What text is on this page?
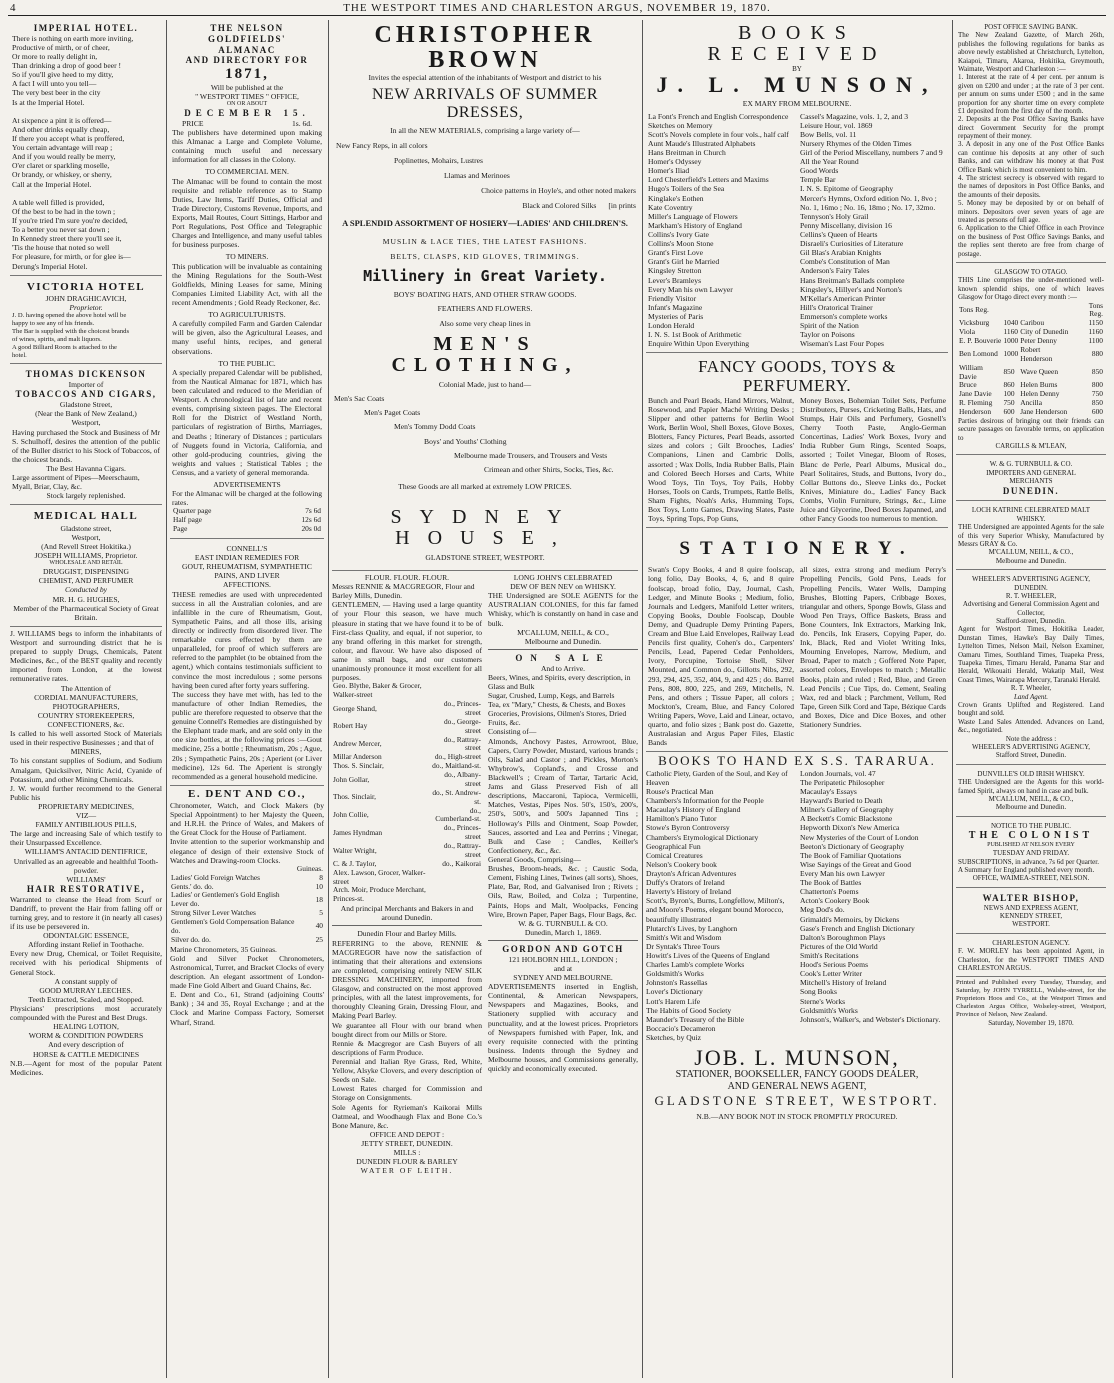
4	THE WESTPORT TIMES AND CHARLESTON ARGUS, NOVEMBER 19, 1870.
IMPERIAL HOTEL.
There is nothing on earth more inviting,
Productive of mirth, or of cheer,
Or more to really delight in,
Than drinking a drop of good beer !
So if you'll give heed to my ditty,
A fact I will unto you tell—
The very best beer in the city
Is at the Imperial Hotel.

At sixpence a pint it is offered—
And other drinks equally cheap,
If there you accept what is proffered,
You certain advantage will reap ;
And if you would really be merry,
O'er claret or sparkling moselle,
Or brandy, or whiskey, or sherry,
Call at the Imperial Hotel.

A table well filled is provided,
Of the best to be had in the town ;
If you're tried I'm sure you're decided,
To a better you never sat down ;
In Kennedy street there you'll see it,
'Tis the house that noted so well
For pleasure, for mirth, or for glee is—
Derung's Imperial Hotel.
VICTORIA HOTEL
JOHN DRAGHICAVICH,
Proprietor.
J. D. having opened the above hotel will be
happy to see any of his friends.
The Bar is supplied with the choicest brands
of wines, spirits, and malt liquors.
A good Billiard Room is attached to the
hotel.
THOMAS DICKENSON
Importer of
TOBACCOS AND CIGARS,
Gladstone Street,
(Near the Bank of New Zealand,)
Westport,
Having purchased the Stock and Business of Mr S. Schulhoff, desires the attention of the public of the Buller district to his Stock of Tobaccos, of the choicest brands.
The Best Havanna Cigars.
Large assortment of Pipes—Meerschaum, Myall, Briar, Clay, &c.
Stock largely replenished.
MEDICAL HALL
Gladstone street,
Westport,
(And Revell Street Hokitika.)
JOSEPH WILLIAMS, Proprietor.
WHOLESALE AND RETAIL
DRUGGIST, DISPENSING
CHEMIST, AND PERFUMER
Conducted by
MR. H. G. HUGHES,
Member of the Pharmaceutical Society of Great Britain.
J. WILLIAMS begs to inform the inhabitants of Westport and surrounding district that he is prepared to supply Drugs, Chemicals, Patent Medicines, &c., of the BEST quality and recently imported from London, at the lowest remunerative rates.
The Attention of
CORDIAL MANUFACTURERS,
PHOTOGRAPHERS,
COUNTRY STOREKEEPERS,
CONFECTIONERS, &c.
Is called to his well assorted Stock of Materials used in their respective Businesses ; and that of
MINERS,
To his constant supplies of Sodium, and Sodium Amalgam, Quicksilver, Nitric Acid, Cyanide of Potassium, and other Mining Chemicals.
J. W. would further recommend to the General Public his
PROPRIETARY MEDICINES,
VIZ—
FAMILY ANTIBILIOUS PILLS,
The large and increasing Sale of which testify to their Unsurpassed Excellence.
WILLIAM'S ANTACID DENTIFRICE,
Unrivalled as an agreeable and healthful Tooth-powder.
WILLIAMS'
HAIR RESTORATIVE,
Warranted to cleanse the Head from Scurf or Dandriff, to prevent the Hair from falling off or turning grey, and to restore it (in nearly all cases) if its use be persevered in.
ODONTALGIC ESSENCE,
Affording instant Relief in Toothache.
Every new Drug, Chemical, or Toilet Requisite, received with his periodical Shipments of General Stock.
A constant supply of
GOOD MURRAY LEECHES.
Teeth Extracted, Scaled, and Stopped.
Physicians' prescriptions most accurately compounded with the Purest and Best Drugs.
HEALING LOTION,
WORM & CONDITION POWDERS
And every description of
HORSE & CATTLE MEDICINES
N.B.—Agent for most of the popular Patent Medicines.
THE NELSON GOLDFIELDS'
ALMANAC
AND DIRECTORY FOR
1871,
Will be published at the
" WESTPORT TIMES " OFFICE,
ON OR ABOUT
DECEMBER 15.
PRICE	1s. 6d.
The publishers have determined upon making this Almanac a Large and Complete Volume, containing much useful and necessary information for all classes in the Colony.
TO COMMERCIAL MEN.
The Almanac will be found to contain the most requisite and reliable reference as to Stamp Duties, Law Items, Tariff Duties, Official and Trade Directory, Customs Revenue, Imports, and Exports, Mail Routes, Court Sittings, Harbor and Port Regulations, Post Office and Telegraphic Charges and Intelligence, and many useful tables for business purposes.
TO MINERS.
This publication will be invaluable as containing the Mining Regulations for the South-West Goldfields, Mining Leases for same, Mining Companies Limited Liability Act, with all the recent Amendments ; Gold Ready Reckoner, &c.
TO AGRICULTURISTS.
A carefully compiled Farm and Garden Calendar will be given, also the Agricultural Leases, and many useful hints, recipes, and general observations.
TO THE PUBLIC.
A specially prepared Calendar will be published, from the Nautical Almanac for 1871, which has been calculated and reduced to the Meridian of Westport. A chronological list of late and recent events, comprising sixteen pages. The Electoral Roll for the District of Westland North, particulars of registration of Births, Marriages, and Deaths ; Itinerary of Distances ; particulars of Nuggets found in Victoria, California, and other gold-producing countries, giving the weights and values ; Statistical Tables ; the Census, and a variety of general memoranda.
ADVERTISEMENTS
For the Almanac will be charged at the following rates.
Quarter page	7s 6d
Half page	12s 6d
Page	20s 0d
CONNELL'S
EAST INDIAN REMEDIES FOR
GOUT, RHEUMATISM, SYMPATHETIC PAINS, AND LIVER
AFFECTIONS.
THESE remedies are used with unprecedented success in all the Australian colonies, and are infallible in the cure of Rheumatism, Gout, Sympathetic Pains, and all those ills, arising directly or indirectly from disordered liver. The remarkable cures effected by them are unparalleled, for proof of which sufferers are referred to the pamphlet (to be obtained from the agent,) which contains testimonials sufficient to convince the most incredulous ; some persons having been cured after forty years suffering.
The success they have met with, has led to the manufacture of other Indian Remedies, the public are therefore requested to observe that the genuine Connell's Remedies are distinguished by the Elephant trade mark, and are sold only in the one size bottles, at the following prices :—Gout medicine, 25s a bottle ; Rheumatism, 20s ; Ague, 20s ; Sympathetic Pains, 20s ; Aperient (or Liver medicine), 12s 6d. The Aperient is strongly recommended as a general household medicine.
E. DENT AND CO.,
Chronometer, Watch, and Clock Makers (by Special Appointment) to her Majesty the Queen, and H.R.H. the Prince of Wales, and Makers of the Great Clock for the House of Parliament.
Invite attention to the superior workmanship and elegance of design of their extensive Stock of Watches and Drawing-room Clocks.
	Guineas.
Ladies' Gold Foreign Watches	8
Gents.' do. do.	10
Ladies' or Gentlemen's Gold English Lever do.	18
Strong Silver Lever Watches	5
Gentlemen's Gold Compensation Balance do.	40
Silver do. do.	25
Marine Chronometers, 35 Guineas.
Gold and Silver Pocket Chronometers, Astronomical, Turret, and Bracket Clocks of every description. An elegant assortment of London-made Fine Gold Albert and Guard Chains, &c.
E. Dent and Co., 61, Strand (adjoining Coutts' Bank) ; 34 and 35, Royal Exchange ; and at the Clock and Marine Compass Factory, Somerset Wharf, Strand.
CHRISTOPHER BROWN
Invites the especial attention of the inhabitants of Westport and district to his
NEW ARRIVALS OF SUMMER DRESSES,
In all the NEW MATERIALS, comprising a large variety of—
New Fancy Reps, in all colors
Poplinettes, Mohairs, Lustres
Llamas and Merinoes
Choice patterns in Hoyle's, and other noted makers
Black and Colored Silks [in prints
A SPLENDID ASSORTMENT OF HOSIERY—LADIES' AND CHILDREN'S.
MUSLIN & LACE TIES, THE LATEST FASHIONS.
BELTS, CLASPS, KID GLOVES, TRIMMINGS.
Millinery in Great Variety.
BOYS' BOATING HATS, AND OTHER STRAW GOODS.
FEATHERS AND FLOWERS.
Also some very cheap lines in
MEN'S CLOTHING,
Colonial Made, just to hand—
Men's Sac Coats
Men's Paget Coats
Men's Tommy Dodd Coats
Boys' and Youths' Clothing
Melbourne made Trousers, and Trousers and Vests
Crimean and other Shirts, Socks, Ties, &c.
These Goods are all marked at extremely LOW PRICES.
SYDNEY HOUSE,
GLADSTONE STREET, WESTPORT.
FLOUR. FLOUR. FLOUR.
Messrs RENNIE & MACGREGOR, Flour and Barley Mills, Dunedin.
GENTLEMEN, — Having used a large quantity of your Flour this season, we have much pleasure in stating that we have found it to be of First-class Quality, and equal, if not superior, to any brand offering in this market for strength, colour, and flavour. We have also disposed of same in small bags, and our customers unanimously pronounce it most excellent for all purposes.
Geo. Blythe, Baker & Grocer, Walker-street	
George Shand,	do., Princes-street
Robert Hay	do., George-street
Andrew Mercer,	do., Rattray-street
Millar Anderson	do., High-street
Thos. S. Sinclair,	do., Maitland-st.
John Gollar,	do., Albany-street
Thos. Sinclair,	do., St. Andrew-st.
John Collie,	do., Cumberland-st.
James Hyndman	do., Princes-street
Walter Wright,	do., Rattray-street
C. & J. Taylor,	do., Kaikorai
Alex. Lawson, Grocer, Walker-street	
Arch. Moir, Produce Merchant, Princes-st.	
And principal Merchants and Bakers in and around Dunedin.
Dunedin Flour and Barley Mills.
REFERRING to the above, RENNIE & MACGREGOR have now the satisfaction of intimating that their alterations and extensions are completed, comprising entirely NEW SILK DRESSING MACHINERY, imported from Glasgow, and constructed on the most approved principles, with all the latest improvements, for thoroughly Cleaning Grain, Dressing Flour, and Making Pearl Barley.
We guarantee all Flour with our brand when bought direct from our Mills or Store.
Rennie & Macgregor are Cash Buyers of all descriptions of Farm Produce.
Perennial and Italian Rye Grass, Red, White, Yellow, Alsyke Clovers, and every description of Seeds on Sale.
Lowest Rates charged for Commission and Storage on Consignments.
Sole Agents for Ryrieman's Kaikorai Mills Oatmeal, and Woodhaugh Flax and Bone Co.'s Bone Manure, &c.
OFFICE AND DEPOT :
JETTY STREET, DUNEDIN.
MILLS :
DUNEDIN FLOUR & BARLEY
WATER OF LEITH.
LONG JOHN'S CELEBRATED
DEW OF BEN NEV on WHISKY.
THE Undersigned are SOLE AGENTS for the AUSTRALIAN COLONIES, for this far famed Whisky, whic'h is constantly on hand in case and bulk.
M'CALLUM, NEILL, & CO.,
Melbourne and Dunedin.
ON SALE
And to Arrive.
Beers, Wines, and Spirits, every description, in Glass and Bulk
Sugar, Crushed, Lump, Kegs, and Barrels
Tea, ex "Mary," Chests, & Chests, and Boxes
Groceries, Provisions, Oilmen's Stores, Dried Fruits, &c.
Consisting of—
Almonds, Anchovy Pastes, Arrowroot, Blue, Capers, Curry Powder, Mustard, various brands ; Oils, Salad and Castor ; and Pickles, Morton's Whybrow's, Copland's, and Crosse and Blackwell's ; Cream of Tartar, Tartaric Acid, Jams and Glass Preserved Fish of all descriptions, Maccaroni, Tapioca, Vermicelli, Matches, Vestas, Pipes Nos. 50's, 150's, 200's, 250's, 500's, and 500's Japanned Tins ; Holloway's Pills and Ointment, Soap Powder, Sauces, assorted and Lea and Perrins ; Vinegar, Bulk and Case ; Candles, Keiller's Confectionery, &c., &c.
General Goods, Comprising—
Brushes, Broom-heads, &c. ; Caustic Soda, Cement, Fishing Lines, Twines (all sorts), Shoes, Plate, Bar, Rod, and Galvanised Iron ; Rivets ; Oils, Raw, Boiled, and Colza ; Turpentine, Paints, Hops and Malt, Woolpacks, Fencing Wire, Brown Paper, Paper Bags, Flour Bags, &c.
W. & G. TURNBULL & CO.
Dunedin, March 1, 1869.
GORDON AND GOTCH
121 HOLBORN HILL, LONDON ;
and at
SYDNEY AND MELBOURNE.
ADVERTISEMENTS inserted in English, Continental, & American Newspapers, Newspapers and Magazines, Books, and Stationery supplied with accuracy and punctuality, and at the lowest prices. Proprietors of Newspapers furnished with Paper, Ink, and every requisite connected with the printing business. Indents through the Sydney and Melbourne houses, and Commissions generally, quickly and economically executed.
BOOKS RECEIVED
BY
J. L. MUNSON,
EX MARY FROM MELBOURNE.
La Font's French and English Correspondence
Sketches on Memory
Scott's Novels complete in four vols., half calf
Aunt Maude's Illustrated Alphabets
Hans Breitman in Church
Homer's Odyssey
Homer's Iliad
Lord Chesterfield's Letters and Maxims
Hugo's Toilers of the Sea
Kinglake's Eothen
Kate Coventry
Miller's Language of Flowers
Markham's History of England
Collins's Ivory Gate
Collins's Moon Stone
Grant's First Love
Grant's Girl he Married
Kingsley Stretton
Lever's Bramleys
Every Man his own Lawyer
Friendly Visitor
Infant's Magazine
Mysteries of Paris
London Herald
I. N. S. 1st Book of Arithmetic
Enquire Within Upon Everything
Cassel's Magazine, vols. 1, 2, and 3
Leisure Hour, vol. 1869
Bow Bells, vol. 11
Nursery Rhymes of the Olden Times
Girl of the Period Miscellany, numbers 7 and 9
All the Year Round
Good Words
Temple Bar
I. N. S. Epitome of Geography
Mercer's Hymns, Oxford edition No. 1, 8vo ; No. 1, 16mo ; No. 16, 18mo ; No. 17, 32mo.
Tennyson's Holy Grail
Penny Miscellany, division 16
Cellins's Queen of Hearts
Disraeli's Curiosities of Literature
Gil Blas's Arabian Knights
Combe's Constitution of Man
Anderson's Fairy Tales
Hans Breitman's Ballads complete
Kingsley's, Hillyer's and Norton's
M'Kellar's American Printer
Hill's Oratorical Trainer
Emmerson's complete works
Spirit of the Nation
Taylor on Poisons
Wiseman's Last Four Popes
FANCY GOODS, TOYS & PERFUMERY.
Bunch and Pearl Beads, Hand Mirrors, Walnut, Rosewood, and Papier Maché Writing Desks ; Slipper and other patterns for Berlin Wool Work, Berlin Wool, Shell Boxes, Glove Boxes, Blotters, Fancy Pictures, Pearl Beads, assorted sizes and colors ; Gilt Brooches, Ladies' Companions, Linen and Cambric Dolls, assorted ; Wax Dolls, India Rubber Balls, Plain and Colored Beech Horses and Carts, White Wood Toys, Tin Toys, Toy Pails, Hobby Horses, Tools on Cards, Trumpets, Rattle Bells, Sham Fights, Noah's Arks, Humming Tops, Box Toys, Lotto Games, Drawing Slates, Paste Toys, Spring Tops, Pop Guns,
Money Boxes, Bohemian Toilet Sets, Perfume Distributers, Purses, Cricketing Balls, Hats, and Stumps, Hair Oils and Perfumery, Gosnell's Cherry Tooth Paste, Anglo-German Concertinas, Ladies' Work Boxes, Ivory and India Rubber Gum Rings, Scented Soaps, assorted ; Toilet Vinegar, Bloom of Roses, Blanc de Perle, Pearl Albums, Musical do., Pearl Solitaires, Studs, and Buttons, Ivory do., Collar Buttons do., Sleeve Links do., Pocket Knives, Miniature do., Ladies' Fancy Back Combs, Violin Furniture, Strings, &c., Lime Juice and Glycerine, Deed Boxes Japanned, and other Fancy Goods too numerous to mention.
STATIONERY.
Swan's Copy Books, 4 and 8 quire foolscap, long folio, Day Books, 4, 6, and 8 quire foolscap, broad folio, Day, Journal, Cash, Ledger, and Minute Books ; Medium, folio, Journals and Ledgers, Manifold Letter writers, Copying Books, Double Foolscap, Double Demy, and Quadruple Demy Printing Papers, Cream and Blue Laid Envelopes, Railway Lead Pencils first quality, Cohen's do., Carpenters' Pencils, Lead, Papered Cedar Penholders, Ivory, Porcupine, Tortoise Shell, Silver Mounted, and Common do., Gillotts Nibs, 292, 293, 294, 425, 352, 404, 9, and 425 ; do. Barrel Pens, 808, 800, 225, and 269, Mitchells, N. Pens, and others ; Tissue Paper, all colors ; Mockton's, Cream, Blue, and Fancy Colored Writing Papers, Wove, Laid and Linear, octavo, quarto, and folio sizes ; Bank post do. Gazette, Australasian and Argus Paper Files, Elastic Bands
all sizes, extra strong and medium Perry's Propelling Pencils, Gold Pens, Leads for Propelling Pencils, Water Wells, Damping Brushes, Blotting Papers, Cribbage Boxes, triangular and others, Sponge Bowls, Glass and Wood Pen Trays, Office Baskets, Brass and Bone Counters, Ink Extractors, Marking Ink, do. Pencils, Ink Erasers, Copying Paper, do. Ink, Black, Red and Violet Writing Inks, Mourning Envelopes, Narrow, Medium, and Broad, Paper to match ; Goffered Note Paper, assorted colors, Envelopes to match ; Metallic Books, plain and ruled ; Red, Blue, and Green Lead Pencils ; Cue Tips, do. Cement, Sealing Wax, red and black ; Parchment, Vellum, Red Tape, Green Silk Cord and Tape, Bézique Cards and Boxes, Dice and Dice Boxes, and other Stationery Sundries.
BOOKS TO HAND EX S.S. TARARUA.
Catholic Piety, Garden of the Soul, and Key of Heaven
Rouse's Practical Man
Chambers's Information for the People
Macaulay's History of England
Hamilton's Piano Tutor
Stowe's Byron Controversy
Chambers's Etymological Dictionary
Geographical Fun
Comical Creatures
Nelson's Cookery book
Drayton's African Adventures
Duffy's Orators of Ireland
Haverty's History of Ireland
Scott's, Byron's, Burns, Longfellow, Milton's, and Moore's Poems, elegant bound Morocco, beautifully illustrated
Plutarch's Lives, by Langhorn
Smith's Wit and Wisdom
Dr Syntak's Three Tours
Howitt's Lives of the Queens of England
Charles Lamb's complete Works
Goldsmith's Works
Johnston's Rassellas
Lover's Dictionary
Lott's Harem Life
The Habits of Good Society
Maunder's Treasury of the Bible
Boccacio's Decameron
Sketches, by Quiz
London Journals, vol. 47
The Peripatetic Philosopher
Macaulay's Essays
Hayward's Buried to Death
Milner's Gallery of Geography
A Beckett's Comic Blackstone
Hepworth Dixon's New America
New Mysteries of the Court of London
Beeton's Dictionary of Geography
The Book of Familiar Quotations
Wise Sayings of the Great and Good
Every Man his own Lawyer
The Book of Battles
Chatterton's Poems
Acton's Cookery Book
Meg Dod's do.
Grimaldi's Memoirs, by Dickens
Gase's French and English Dictionary
Dalton's Boroughmon Plays
Pictures of the Old World
Smith's Recitations
Hood's Serious Poems
Cook's Letter Writer
Mitchell's History of Ireland
Song Books
Sterne's Works
Goldsmith's Works
Johnson's, Walker's, and Webster's Dictionary.
JOB. L. MUNSON,
STATIONER, BOOKSELLER, FANCY GOODS DEALER,
AND GENERAL NEWS AGENT,
GLADSTONE STREET, WESTPORT.
N.B.—ANY BOOK NOT IN STOCK PROMPTLY PROCURED.
POST OFFICE SAVING BANK.
The New Zealand Gazette, of March 26th, publishes the following regulations for banks as above newly established at Christchurch, Lyttelton, Kaiapoi, Timaru, Akaroa, Hokitika, Greymouth, Waimate, Westport and Charleston :—
1. Interest at the rate of 4 per cent. per annum is given on £200 and under ; at the rate of 3 per cent. per annum on sums under £500 ; and in the same proportion for any shorter time on every complete £1 deposited from the first day of the month.
2. Deposits at the Post Office Saving Banks have direct Government Security for the prompt repayment of their money.
3. A deposit in any one of the Post Office Banks can continue his deposits at any other of such Banks, and can withdraw his money at that Post Office Bank which is most convenient to him.
4. The strictest secrecy is observed with regard to the names of depositors in Post Office Banks, and the amounts of their deposits.
5. Money may be deposited by or on behalf of minors. Depositors over seven years of age are treated as persons of full age.
6. Application to the Chief Office in each Province on the business of Post Office Savings Banks, and the replies sent thereto are free from charge of postage.
GLASGOW TO OTAGO.
THIS Line comprises the under-mentioned well-known splendid ships, one of which leaves Glasgow for Otago direct every month :—
Tons Reg.			Tons Reg.
Vicksburg	1040	Caribou	1150
Viola	1160	City of Dunedin	1160
E. P. Bouverie	1000	Peter Denny	1100
Ben Lomond	1000	Robert Henderson	880
William Davie	850	Wave Queen	850
Bruce	860	Helen Burns	800
Jane Davie	100	Helen Denny	750
R. Fleming	750	Ancilla	850
Henderson	600	Jane Henderson	600
Parties desirous of bringing out their friends can secure passages on favorable terms, on application to
CARGILLS & M'LEAN,
W. & G. TURNBULL & CO.
IMPORTERS AND GENERAL
MERCHANTS
DUNEDIN.
LOCH KATRINE CELEBRATED MALT WHISKY.
THE Undersigned are appointed Agents for the sale of this very Superior Whisky, Manufactured by Messrs GRAY & Co.
M'CALLUM, NEILL, & CO.,
Melbourne and Dunedin.
WHEELER'S ADVERTISING AGENCY, DUNEDIN.
R. T. WHEELER,
Advertising and General Commission Agent and Collector,
Stafford-street, Dunedin.
Agent for Westport Times, Hokitika Leader, Dunstan Times, Hawke's Bay Daily Times, Lyttelton Times, Nelson Mail, Nelson Examiner, Oamaru Times, Southland Times, Tuapeka Press, Tuapeka Times, Timaru Herald, Panama Star and Herald, Wikouaiti Herald, Wakatip Mail, West Coast Times, Wairarapa Mercury, Taranaki Herald.
R. T. Wheeler,
Land Agent.
Crown Grants Uplifted and Registered. Land bought and sold.
Waste Land Sales Attended. Advances on Land, &c., negotiated.
Note the address :
WHEELER'S ADVERTISING AGENCY,
Stafford Street, Dunedin.
DUNVILLE'S OLD IRISH WHISKY.
THE Undersigned are the Agents for this world-famed Spirit, always on hand in case and bulk.
M'CALLUM, NEILL, & CO.,
Melbourne and Dunedin.
NOTICE TO THE PUBLIC.
THE COLONIST
PUBLISHED AT NELSON EVERY
TUESDAY AND FRIDAY.
SUBSCRIPTIONS, in advance, 7s 6d per Quarter.
A Summary for England published every month.
OFFICE, WAIMEA-STREET, NELSON.
WALTER BISHOP,
NEWS AND EXPRESS AGENT,
KENNEDY STREET,
WESTPORT.
CHARLESTON AGENCY.
F. W. MORLEY has been appointed Agent, in Charleston, for the WESTPORT TIMES AND CHARLESTON ARGUS.
Printed and Published every Tuesday, Thursday, and Saturday, by JOHN TYRRELL, Walshe-street, for the Proprietors Hoos and Co., at the Westport Times and Charleston Argus Office, Wolseley-street, Westport, Province of Nelson, New Zealand.
Saturday, November 19, 1870.
